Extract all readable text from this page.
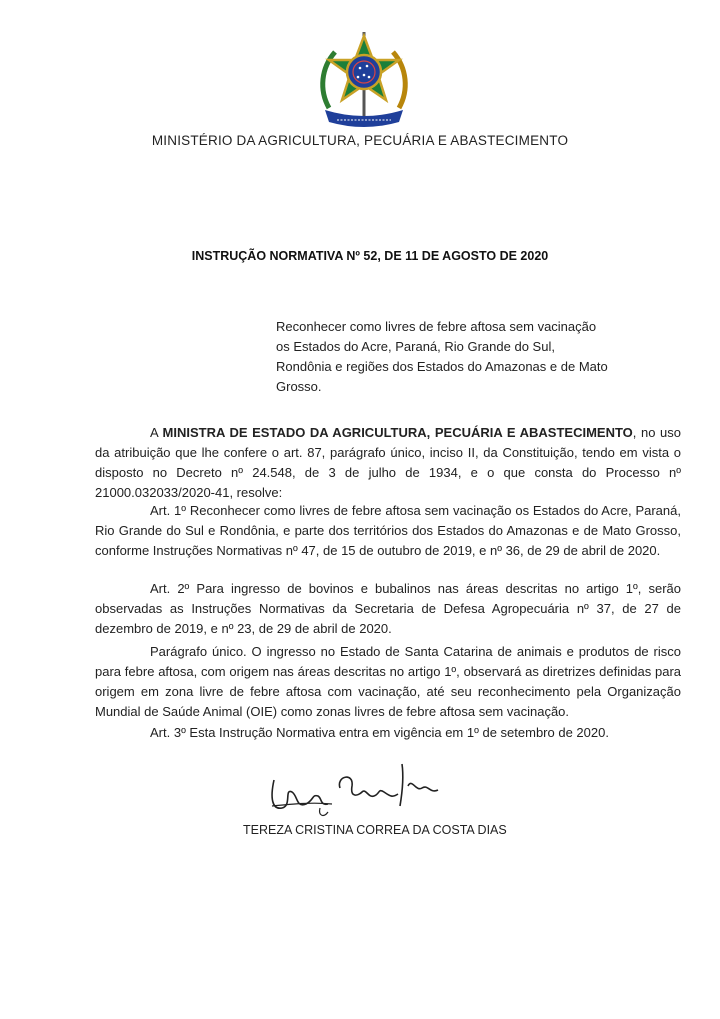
MINISTÉRIO DA AGRICULTURA, PECUÁRIA E ABASTECIMENTO
INSTRUÇÃO NORMATIVA Nº 52, DE 11 DE AGOSTO DE 2020
Reconhecer como livres de febre aftosa sem vacinação os Estados do Acre, Paraná, Rio Grande do Sul, Rondônia e regiões dos Estados do Amazonas e de Mato Grosso.
A MINISTRA DE ESTADO DA AGRICULTURA, PECUÁRIA E ABASTECIMENTO, no uso da atribuição que lhe confere o art. 87, parágrafo único, inciso II, da Constituição, tendo em vista o disposto no Decreto nº 24.548, de 3 de julho de 1934, e o que consta do Processo nº 21000.032033/2020-41, resolve:
Art. 1º Reconhecer como livres de febre aftosa sem vacinação os Estados do Acre, Paraná, Rio Grande do Sul e Rondônia, e parte dos territórios dos Estados do Amazonas e de Mato Grosso, conforme Instruções Normativas nº 47, de 15 de outubro de 2019, e nº 36, de 29 de abril de 2020.
Art. 2º Para ingresso de bovinos e bubalinos nas áreas descritas no artigo 1º, serão observadas as Instruções Normativas da Secretaria de Defesa Agropecuária nº 37, de 27 de dezembro de 2019, e nº 23, de 29 de abril de 2020.
Parágrafo único. O ingresso no Estado de Santa Catarina de animais e produtos de risco para febre aftosa, com origem nas áreas descritas no artigo 1º, observará as diretrizes definidas para origem em zona livre de febre aftosa com vacinação, até seu reconhecimento pela Organização Mundial de Saúde Animal (OIE) como zonas livres de febre aftosa sem vacinação.
Art. 3º Esta Instrução Normativa entra em vigência em 1º de setembro de 2020.
TEREZA CRISTINA CORREA DA COSTA DIAS
